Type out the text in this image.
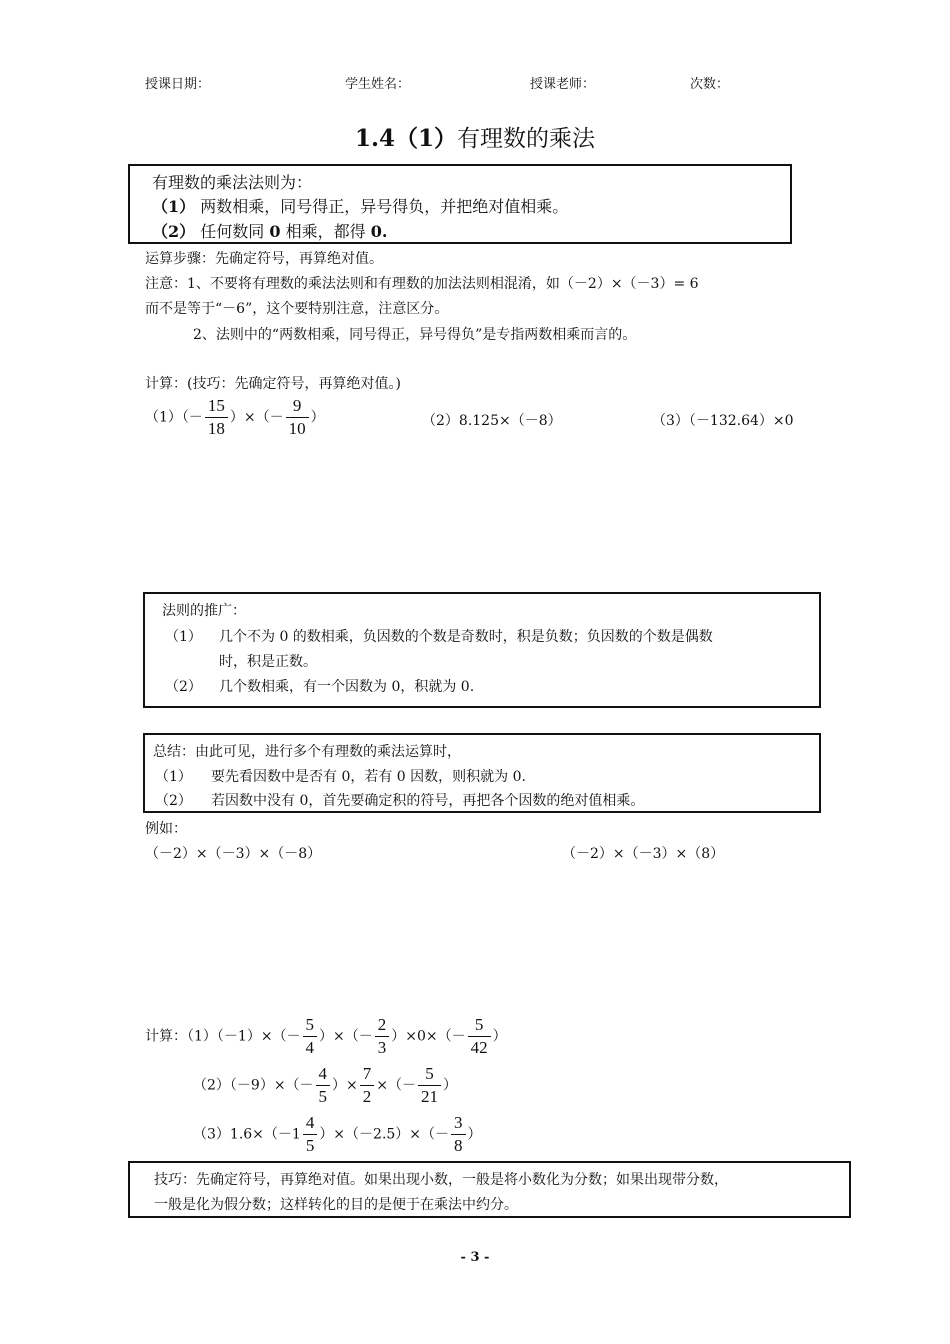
授课日期：	学生姓名：	授课老师：	次数：
1.4（1）有理数的乘法
有理数的乘法法则为：
（1） 两数相乘，同号得正，异号得负，并把绝对值相乘。
（2） 任何数同 0 相乘，都得 0.
运算步骤：先确定符号，再算绝对值。
注意：1、不要将有理数的乘法法则和有理数的加法法则相混淆，如（－2）×（－3）= 6
而不是等于“－6”，这个要特别注意，注意区分。
2、法则中的“两数相乘，同号得正，异号得负”是专指两数相乘而言的。
计算：(技巧：先确定符号，再算绝对值。)
$(1)(- \frac{15}{18}$ ）×（－ $\frac{9}{10}$ ）	（2）8.125×（－8）	（3）（－132.64）×0
法则的推广：
（1） 几个不为 0 的数相乘，负因数的个数是奇数时，积是负数；负因数的个数是偶数
时，积是正数。
（2） 几个数相乘，有一个因数为 0，积就为 0.
总结：由此可见，进行多个有理数的乘法运算时，
（1） 要先看因数中是否有 0，若有 0 因数，则积就为 0.
（2） 若因数中没有 0，首先要确定积的符号，再把各个因数的绝对值相乘。
例如：
（－2）×（－3）×（－8）	（－2）×（－3）×（8）
计算：$(1)(-1)\times(- \frac{5}{4}$ ）×（－ $\frac{2}{3} )\times 0\times(- \frac{5}{42}$ ）
$(2)(-9)\times(- \frac{4}{5}$ ）× $\frac{7}{2}$ ×（－ $\frac{5}{21}$ ）
$(3)1.6\times(-1 \frac{4}{5} )\times(-2.5)\times(- \frac{3}{8}$ ）
技巧：先确定符号，再算绝对值。如果出现小数，一般是将小数化为分数；如果出现带分数，
一般是化为假分数；这样转化的目的是便于在乘法中约分。
- 3 -
